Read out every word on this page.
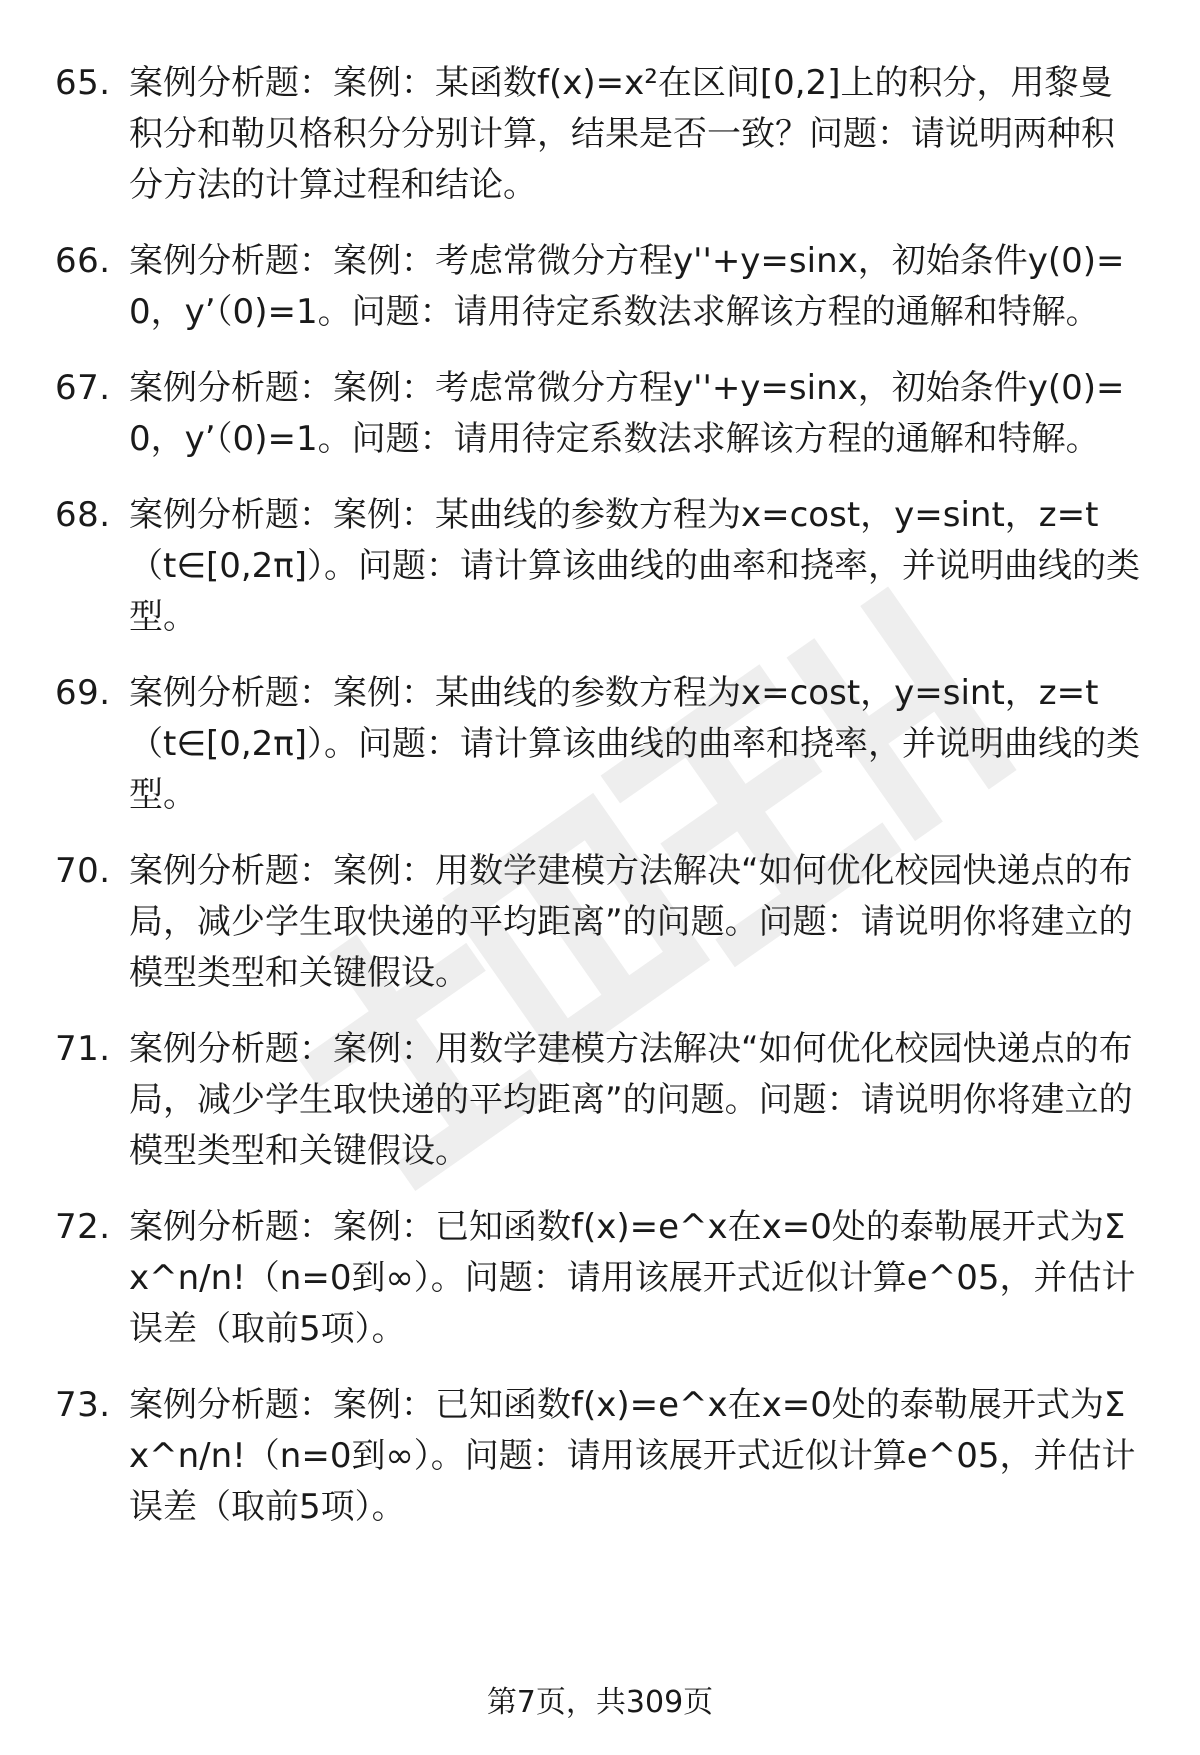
65. 案例分析题：案例：某函数f(x)=x²在区间[0,2]上的积分，用黎曼积分和勒贝格积分分别计算，结果是否一致？问题：请说明两种积分方法的计算过程和结论。
66. 案例分析题：案例：考虑常微分方程y''+y=sinx，初始条件y(0)=0，y’（0)=1。问题：请用待定系数法求解该方程的通解和特解。
67. 案例分析题：案例：考虑常微分方程y''+y=sinx，初始条件y(0)=0，y’（0)=1。问题：请用待定系数法求解该方程的通解和特解。
68. 案例分析题：案例：某曲线的参数方程为x=cost，y=sint，z=t（t∈[0,2π]）。问题：请计算该曲线的曲率和挠率，并说明曲线的类型。
69. 案例分析题：案例：某曲线的参数方程为x=cost，y=sint，z=t（t∈[0,2π]）。问题：请计算该曲线的曲率和挠率，并说明曲线的类型。
70. 案例分析题：案例：用数学建模方法解决“如何优化校园快递点的布局，减少学生取快递的平均距离”的问题。问题：请说明你将建立的模型类型和关键假设。
71. 案例分析题：案例：用数学建模方法解决“如何优化校园快递点的布局，减少学生取快递的平均距离”的问题。问题：请说明你将建立的模型类型和关键假设。
72. 案例分析题：案例：已知函数f(x)=e^x在x=0处的泰勒展开式为Σx^n/n!（n=0到∞）。问题：请用该展开式近似计算e^05，并估计误差（取前5项）。
73. 案例分析题：案例：已知函数f(x)=e^x在x=0处的泰勒展开式为Σx^n/n!（n=0到∞）。问题：请用该展开式近似计算e^05，并估计误差（取前5项）。
第7页，共309页
